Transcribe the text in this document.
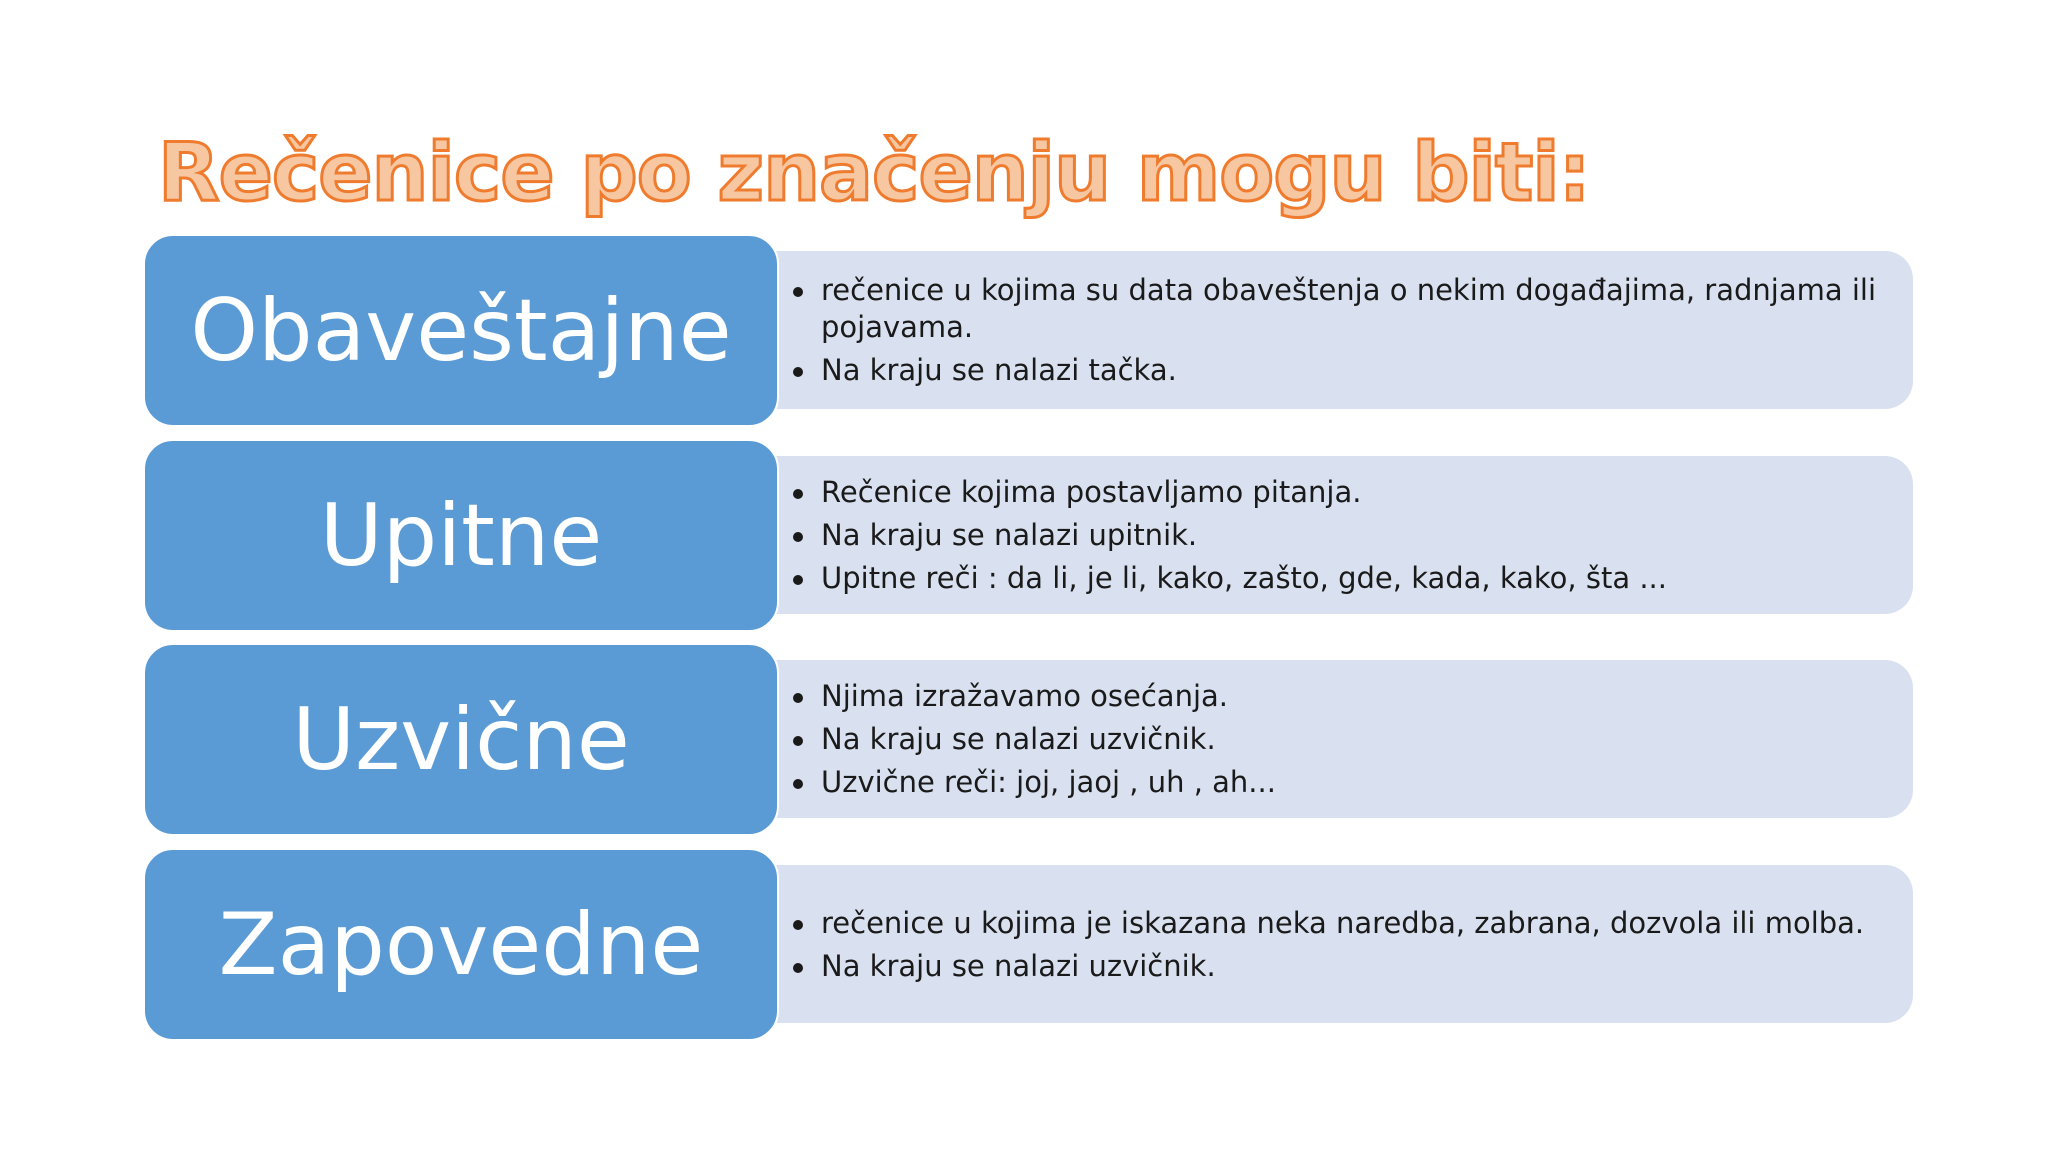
Rečenice po značenju mogu biti:
Obaveštajne	rečenice u kojima su data obaveštenja o nekim događajima, radnjama ili pojavama.
Na kraju se nalazi tačka.
Upitne	Rečenice kojima postavljamo pitanja.
Na kraju se nalazi upitnik.
Upitne reči : da li, je li, kako, zašto, gde, kada, kako, šta ...
Uzvične	Njima izražavamo osećanja.
Na kraju se nalazi uzvičnik.
Uzvične reči: joj, jaoj , uh , ah...
Zapovedne	rečenice u kojima je iskazana neka naredba, zabrana, dozvola ili molba.
Na kraju se nalazi uzvičnik.
